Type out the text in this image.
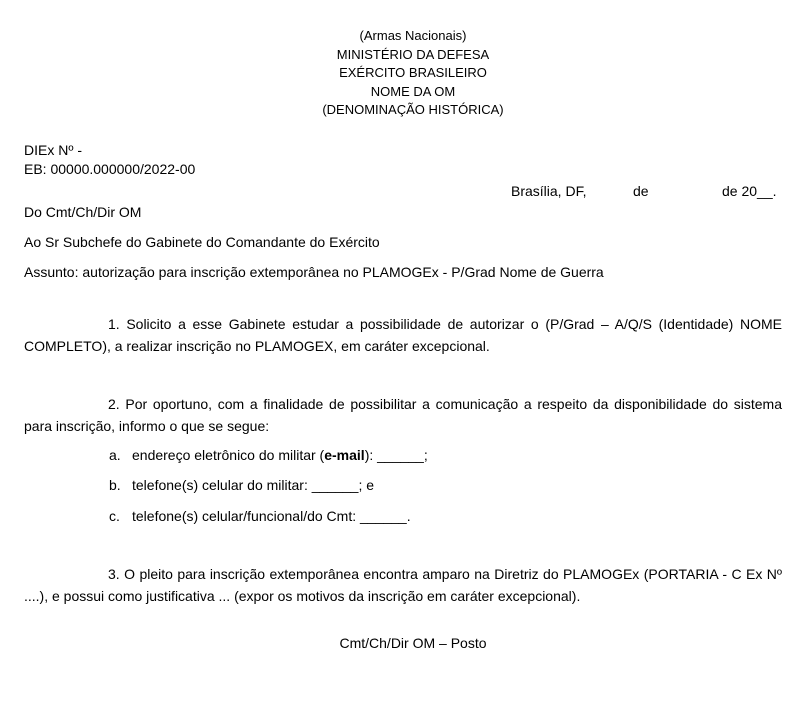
(Armas Nacionais)
MINISTÉRIO DA DEFESA
EXÉRCITO BRASILEIRO
NOME DA OM
(DENOMINAÇÃO HISTÓRICA)
DIEx Nº -
EB: 00000.000000/2022-00
Brasília, DF,	de	de 20__.
Do Cmt/Ch/Dir OM
Ao Sr Subchefe do Gabinete do Comandante do Exército
Assunto: autorização para inscrição extemporânea no PLAMOGEx - P/Grad Nome de Guerra
1. Solicito a esse Gabinete estudar a possibilidade de autorizar o (P/Grad – A/Q/S (Identidade) NOME COMPLETO), a realizar inscrição no PLAMOGEX, em caráter excepcional.
2. Por oportuno, com a finalidade de possibilitar a comunicação a respeito da disponibilidade do sistema para inscrição, informo o que se segue:
a. endereço eletrônico do militar (e-mail): ______;
b. telefone(s) celular do militar: ______; e
c. telefone(s) celular/funcional/do Cmt: ______.
3. O pleito para inscrição extemporânea encontra amparo na Diretriz do PLAMOGEx (PORTARIA - C Ex Nº ....), e possui como justificativa ... (expor os motivos da inscrição em caráter excepcional).
Cmt/Ch/Dir OM – Posto
